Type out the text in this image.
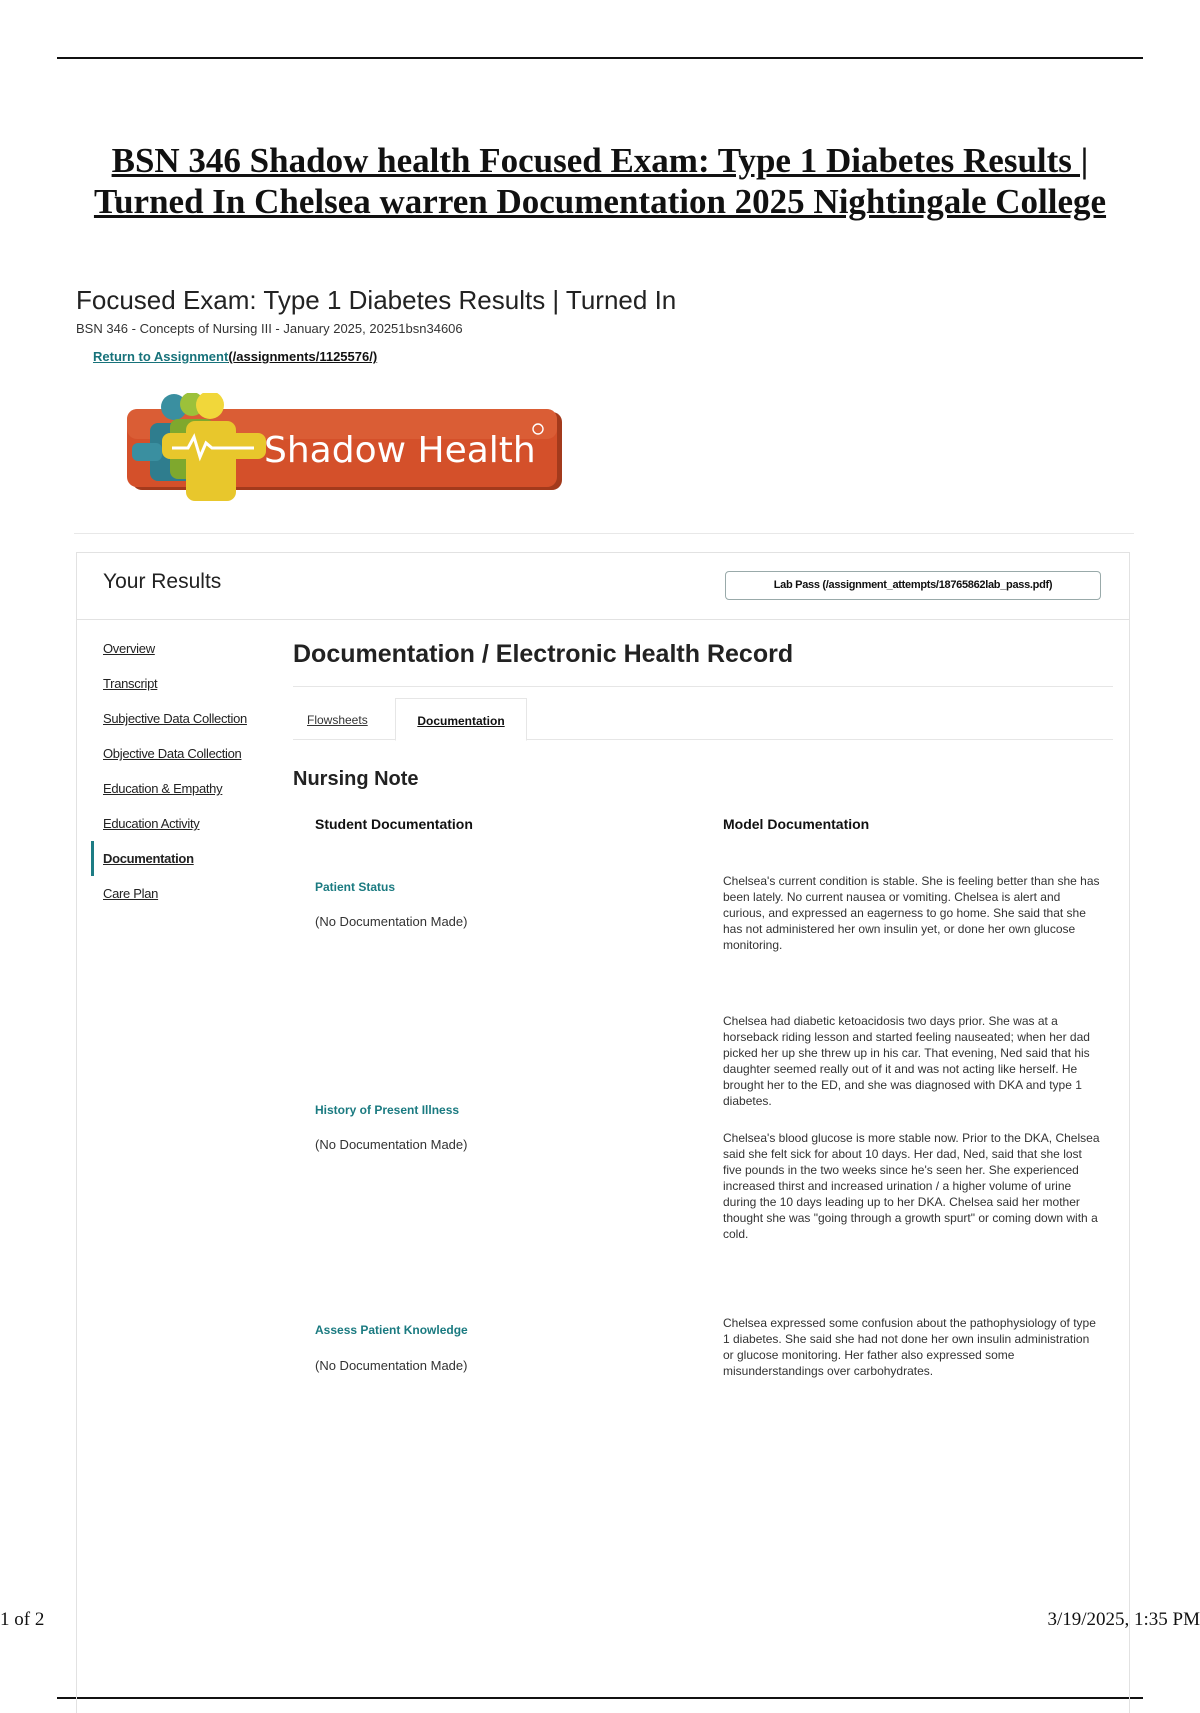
BSN 346 Shadow health Focused Exam: Type 1 Diabetes Results |
Turned In Chelsea warren Documentation 2025 Nightingale College
Focused Exam: Type 1 Diabetes Results | Turned In
BSN 346 - Concepts of Nursing III - January 2025, 20251bsn34606
Return to Assignment(/assignments/1125576/)
Shadow Health
Your Results	Lab Pass (/assignment_attempts/18765862lab_pass.pdf)
Overview
Transcript
Subjective Data Collection
Objective Data Collection
Education & Empathy
Education Activity
Documentation
Care Plan
Documentation / Electronic Health Record
Flowsheets	Documentation
Nursing Note
Student Documentation	Model Documentation
Patient Status
(No Documentation Made)

Chelsea's current condition is stable. She is feeling better than she has been lately. No current nausea or vomiting. Chelsea is alert and curious, and expressed an eagerness to go home. She said that she has not administered her own insulin yet, or done her own glucose monitoring.

History of Present Illness
(No Documentation Made)

Chelsea had diabetic ketoacidosis two days prior. She was at a horseback riding lesson and started feeling nauseated; when her dad picked her up she threw up in his car. That evening, Ned said that his daughter seemed really out of it and was not acting like herself. He brought her to the ED, and she was diagnosed with DKA and type 1 diabetes.

Chelsea's blood glucose is more stable now. Prior to the DKA, Chelsea said she felt sick for about 10 days. Her dad, Ned, said that she lost five pounds in the two weeks since he's seen her. She experienced increased thirst and increased urination / a higher volume of urine during the 10 days leading up to her DKA. Chelsea said her mother thought she was "going through a growth spurt" or coming down with a cold.

Assess Patient Knowledge
(No Documentation Made)

Chelsea expressed some confusion about the pathophysiology of type 1 diabetes. She said she had not done her own insulin administration or glucose monitoring. Her father also expressed some misunderstandings over carbohydrates.

1 of 2	3/19/2025, 1:35 PM
